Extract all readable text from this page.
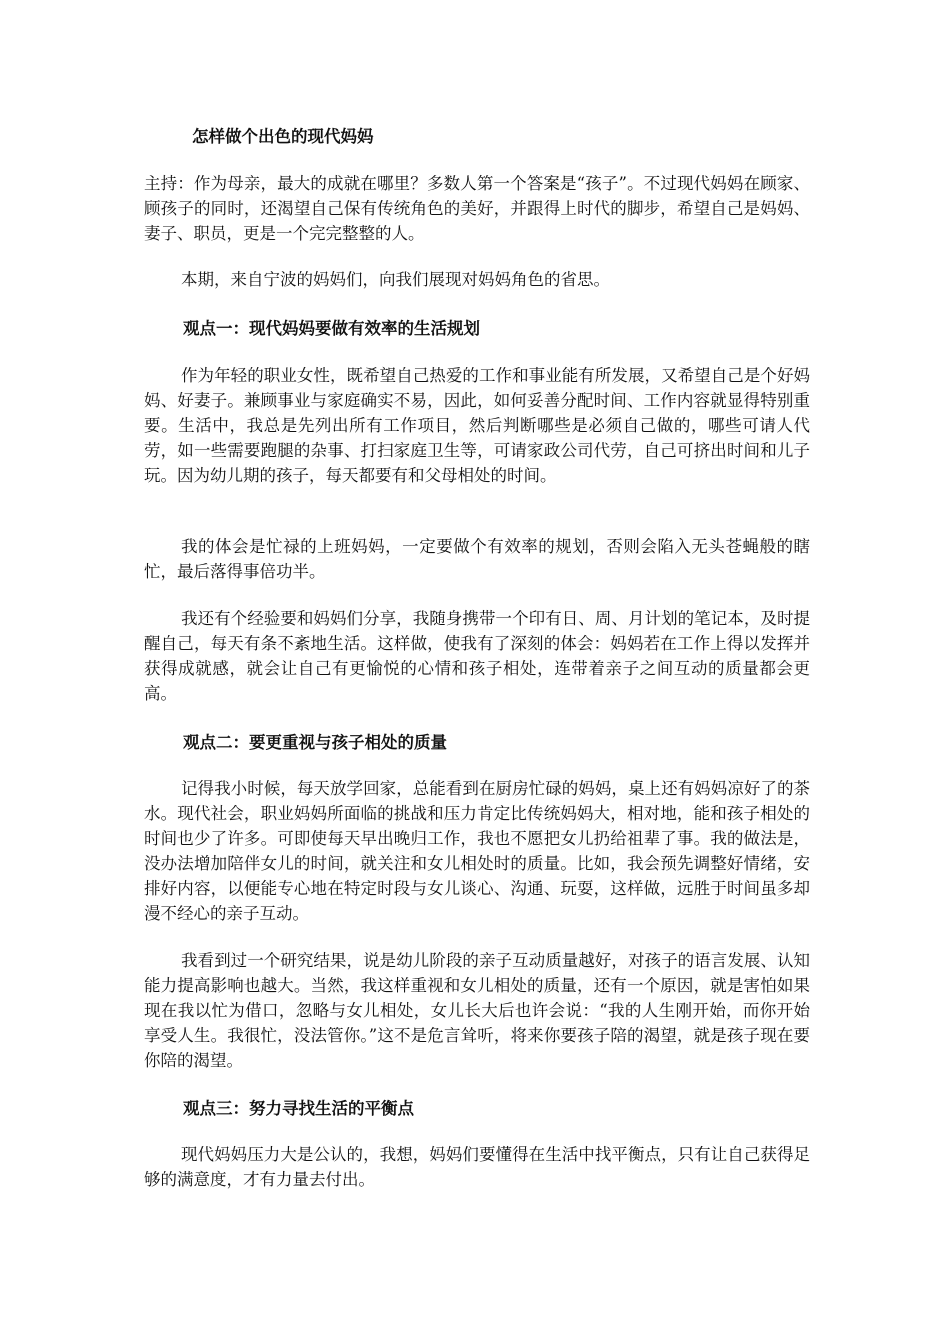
怎样做个出色的现代妈妈

主持：作为母亲，最大的成就在哪里？多数人第一个答案是“孩子”。不过现代妈妈在顾家、顾孩子的同时，还渴望自己保有传统角色的美好，并跟得上时代的脚步，希望自己是妈妈、妻子、职员，更是一个完完整整的人。

本期，来自宁波的妈妈们，向我们展现对妈妈角色的省思。

观点一：现代妈妈要做有效率的生活规划

作为年轻的职业女性，既希望自己热爱的工作和事业能有所发展，又希望自己是个好妈妈、好妻子。兼顾事业与家庭确实不易，因此，如何妥善分配时间、工作内容就显得特别重要。生活中，我总是先列出所有工作项目，然后判断哪些是必须自己做的，哪些可请人代劳，如一些需要跑腿的杂事、打扫家庭卫生等，可请家政公司代劳，自己可挤出时间和儿子玩。因为幼儿期的孩子，每天都要有和父母相处的时间。

我的体会是忙禄的上班妈妈，一定要做个有效率的规划，否则会陷入无头苍蝇般的瞎忙，最后落得事倍功半。

我还有个经验要和妈妈们分享，我随身携带一个印有日、周、月计划的笔记本，及时提醒自己，每天有条不紊地生活。这样做，使我有了深刻的体会：妈妈若在工作上得以发挥并获得成就感，就会让自己有更愉悦的心情和孩子相处，连带着亲子之间互动的质量都会更高。

观点二：要更重视与孩子相处的质量

记得我小时候，每天放学回家，总能看到在厨房忙碌的妈妈，桌上还有妈妈凉好了的茶水。现代社会，职业妈妈所面临的挑战和压力肯定比传统妈妈大，相对地，能和孩子相处的时间也少了许多。可即使每天早出晚归工作，我也不愿把女儿扔给祖辈了事。我的做法是，没办法增加陪伴女儿的时间，就关注和女儿相处时的质量。比如，我会预先调整好情绪，安排好内容，以便能专心地在特定时段与女儿谈心、沟通、玩耍，这样做，远胜于时间虽多却漫不经心的亲子互动。

我看到过一个研究结果，说是幼儿阶段的亲子互动质量越好，对孩子的语言发展、认知能力提高影响也越大。当然，我这样重视和女儿相处的质量，还有一个原因，就是害怕如果现在我以忙为借口，忽略与女儿相处，女儿长大后也许会说：“我的人生刚开始，而你开始享受人生。我很忙，没法管你。”这不是危言耸听，将来你要孩子陪的渴望，就是孩子现在要你陪的渴望。

观点三：努力寻找生活的平衡点

现代妈妈压力大是公认的，我想，妈妈们要懂得在生活中找平衡点，只有让自己获得足够的满意度，才有力量去付出。
